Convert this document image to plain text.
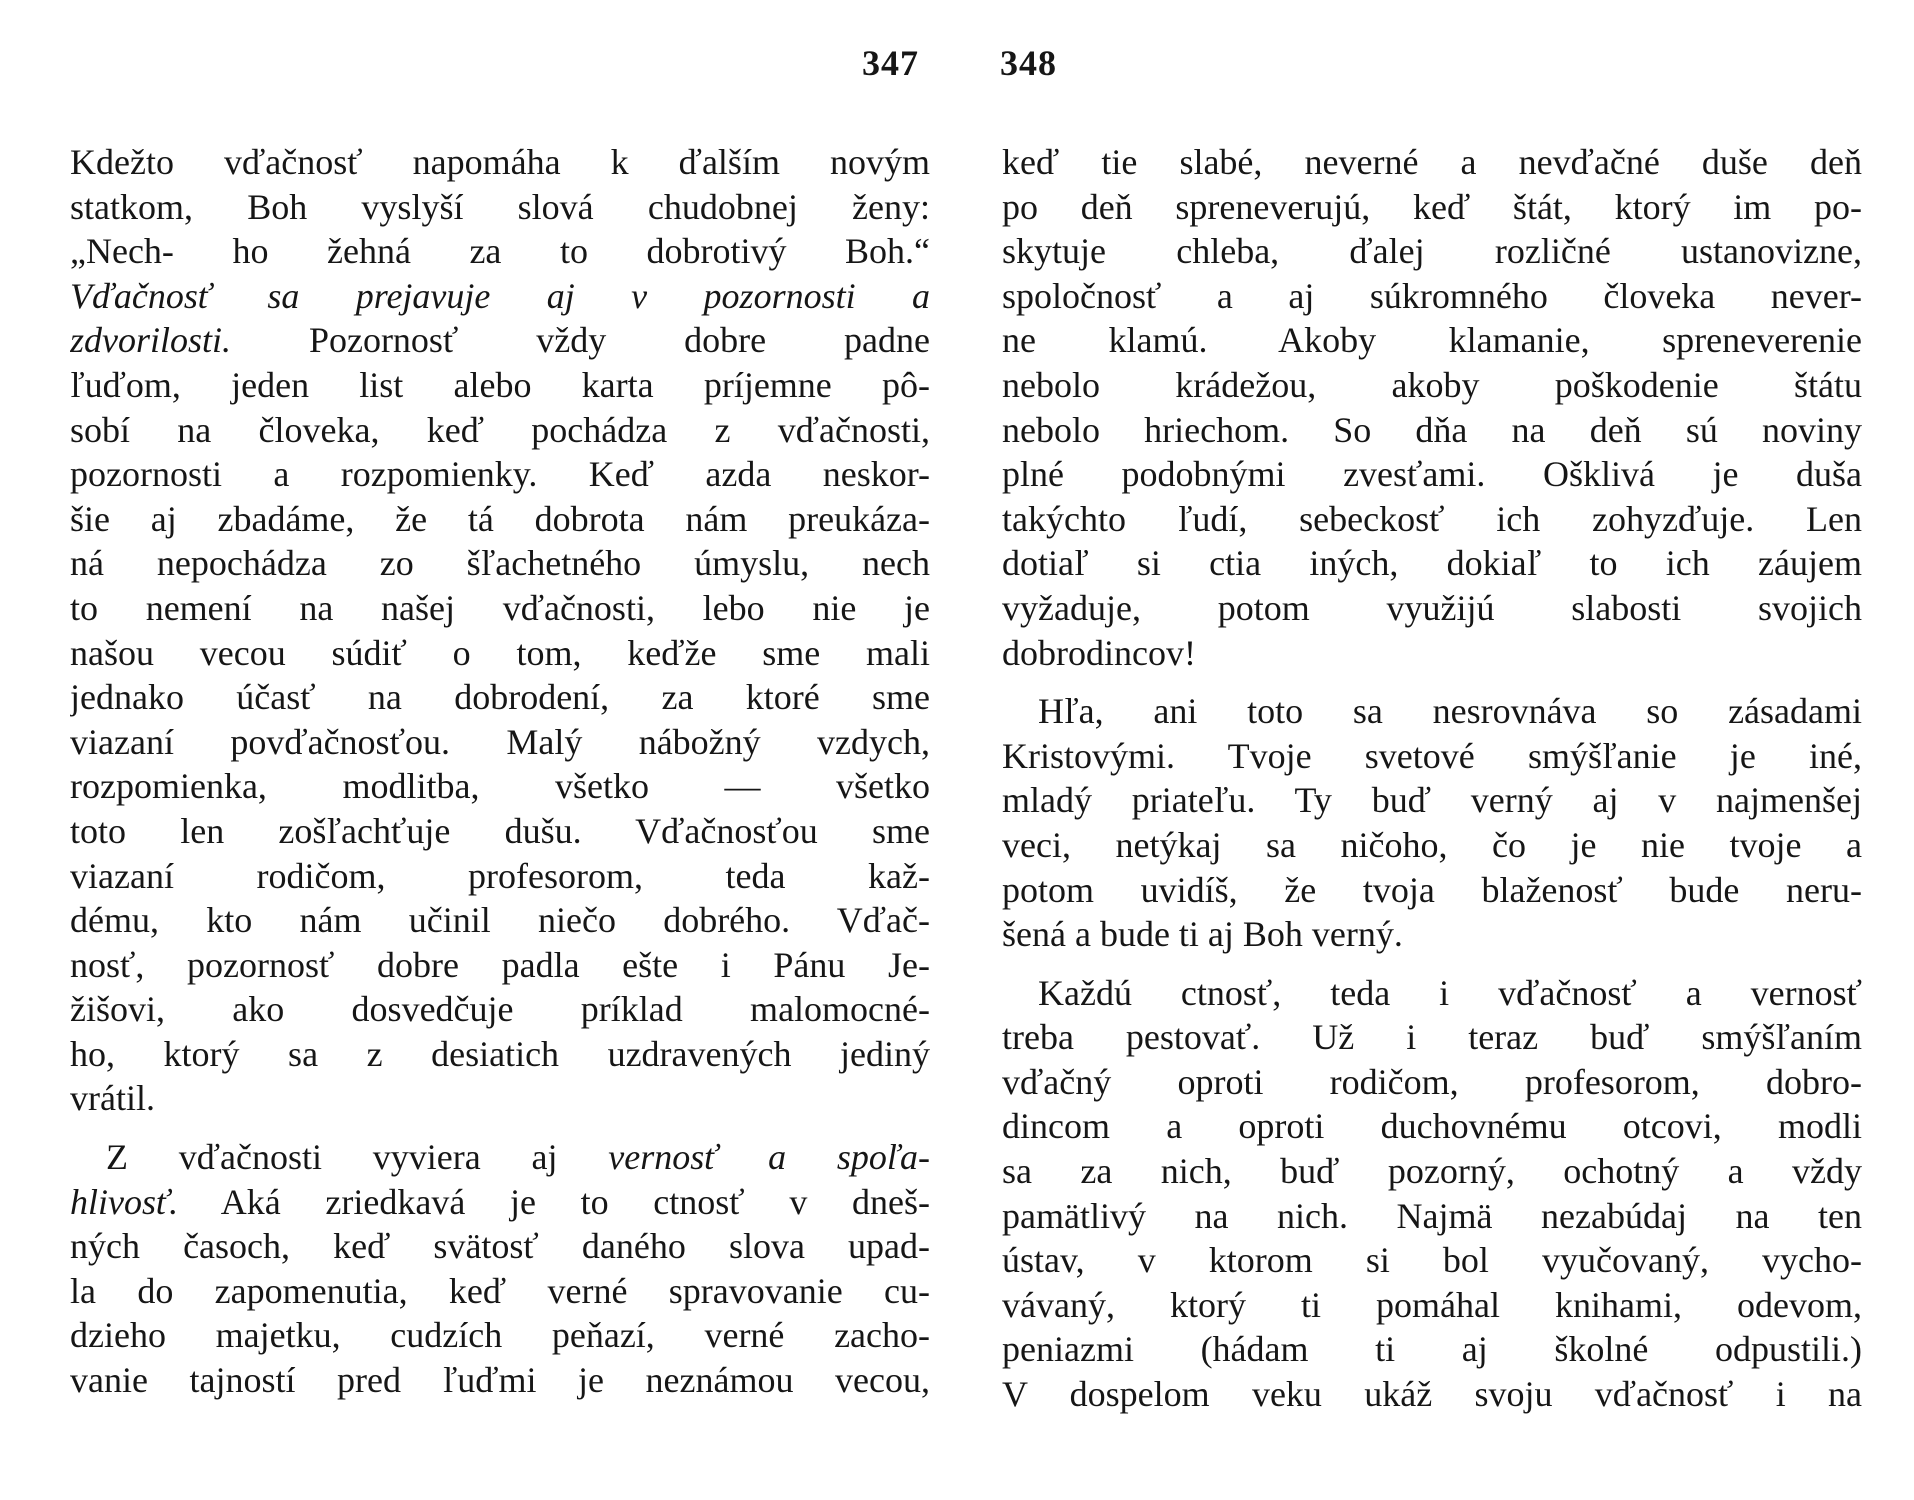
347 348
Kdežto vďačnosť napomáha k ďalším novým
statkom, Boh vyslyší slová chudobnej ženy:
„Nech- ho žehná za to dobrotivý Boh.“
Vďačnosť sa prejavuje aj v pozornosti a
zdvorilosti. Pozornosť vždy dobre padne
ľuďom, jeden list alebo karta príjemne pô-
sobí na človeka, keď pochádza z vďačnosti,
pozornosti a rozpomienky. Keď azda neskor-
šie aj zbadáme, že tá dobrota nám preukáza-
ná nepochádza zo šľachetného úmyslu, nech
to nemení na našej vďačnosti, lebo nie je
našou vecou súdiť o tom, keďže sme mali
jednako účasť na dobrodení, za ktoré sme
viazaní povďačnosťou. Malý nábožný vzdych,
rozpomienka, modlitba, všetko — všetko
toto len zošľachťuje dušu. Vďačnosťou sme
viazaní rodičom, profesorom, teda kaž-
dému, kto nám učinil niečo dobrého. Vďač-
nosť, pozornosť dobre padla ešte i Pánu Je-
žišovi, ako dosvedčuje príklad malomocné-
ho, ktorý sa z desiatich uzdravených jediný
vrátil.
Z vďačnosti vyviera aj vernosť a spoľa-
hlivosť. Aká zriedkavá je to ctnosť v dneš-
ných časoch, keď svätosť daného slova upad-
la do zapomenutia, keď verné spravovanie cu-
dzieho majetku, cudzích peňazí, verné zacho-
vanie tajností pred ľuďmi je neznámou vecou,
keď tie slabé, neverné a nevďačné duše deň
po deň spreneverujú, keď štát, ktorý im po-
skytuje chleba, ďalej rozličné ustanovizne,
spoločnosť a aj súkromného človeka never-
ne klamú. Akoby klamanie, spreneverenie
nebolo krádežou, akoby poškodenie štátu
nebolo hriechom. So dňa na deň sú noviny
plné podobnými zvesťami. Ošklivá je duša
takýchto ľudí, sebeckosť ich zohyzďuje. Len
dotiaľ si ctia iných, dokiaľ to ich záujem
vyžaduje, potom využijú slabosti svojich
dobrodincov!
Hľa, ani toto sa nesrovnáva so zásadami
Kristovými. Tvoje svetové smýšľanie je iné,
mladý priateľu. Ty buď verný aj v najmenšej
veci, netýkaj sa ničoho, čo je nie tvoje a
potom uvidíš, že tvoja blaženosť bude neru-
šená a bude ti aj Boh verný.
Každú ctnosť, teda i vďačnosť a vernosť
treba pestovať. Už i teraz buď smýšľaním
vďačný oproti rodičom, profesorom, dobro-
dincom a oproti duchovnému otcovi, modli
sa za nich, buď pozorný, ochotný a vždy
pamätlivý na nich. Najmä nezabúdaj na ten
ústav, v ktorom si bol vyučovaný, vycho-
vávaný, ktorý ti pomáhal knihami, odevom,
peniazmi (hádam ti aj školné odpustili.)
V dospelom veku ukáž svoju vďačnosť i na
